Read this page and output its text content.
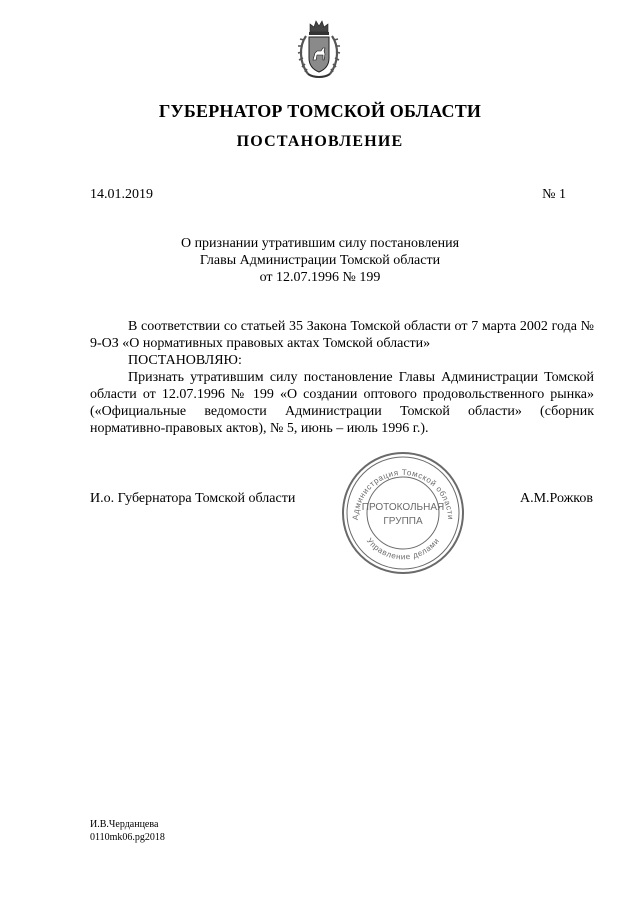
ГУБЕРНАТОР ТОМСКОЙ ОБЛАСТИ
ПОСТАНОВЛЕНИЕ
14.01.2019	№ 1
О признании утратившим силу постановления
Главы Администрации Томской области
от 12.07.1996 № 199

В соответствии со статьей 35 Закона Томской области от 7 марта 2002 года № 9-ОЗ «О нормативных правовых актах Томской области»

ПОСТАНОВЛЯЮ:

Признать утратившим силу постановление Главы Администрации Томской области от 12.07.1996 № 199 «О создании оптового продовольственного рынка» («Официальные ведомости Администрации Томской области» (сборник нормативно-правовых актов), № 5, июнь – июль 1996 г.).

И.о. Губернатора Томской области	А.М.Рожков
Администрация Томской области
Управление делами
ПРОТОКОЛЬНАЯ
ГРУППА
И.В.Черданцева
0110mk06.pg2018
